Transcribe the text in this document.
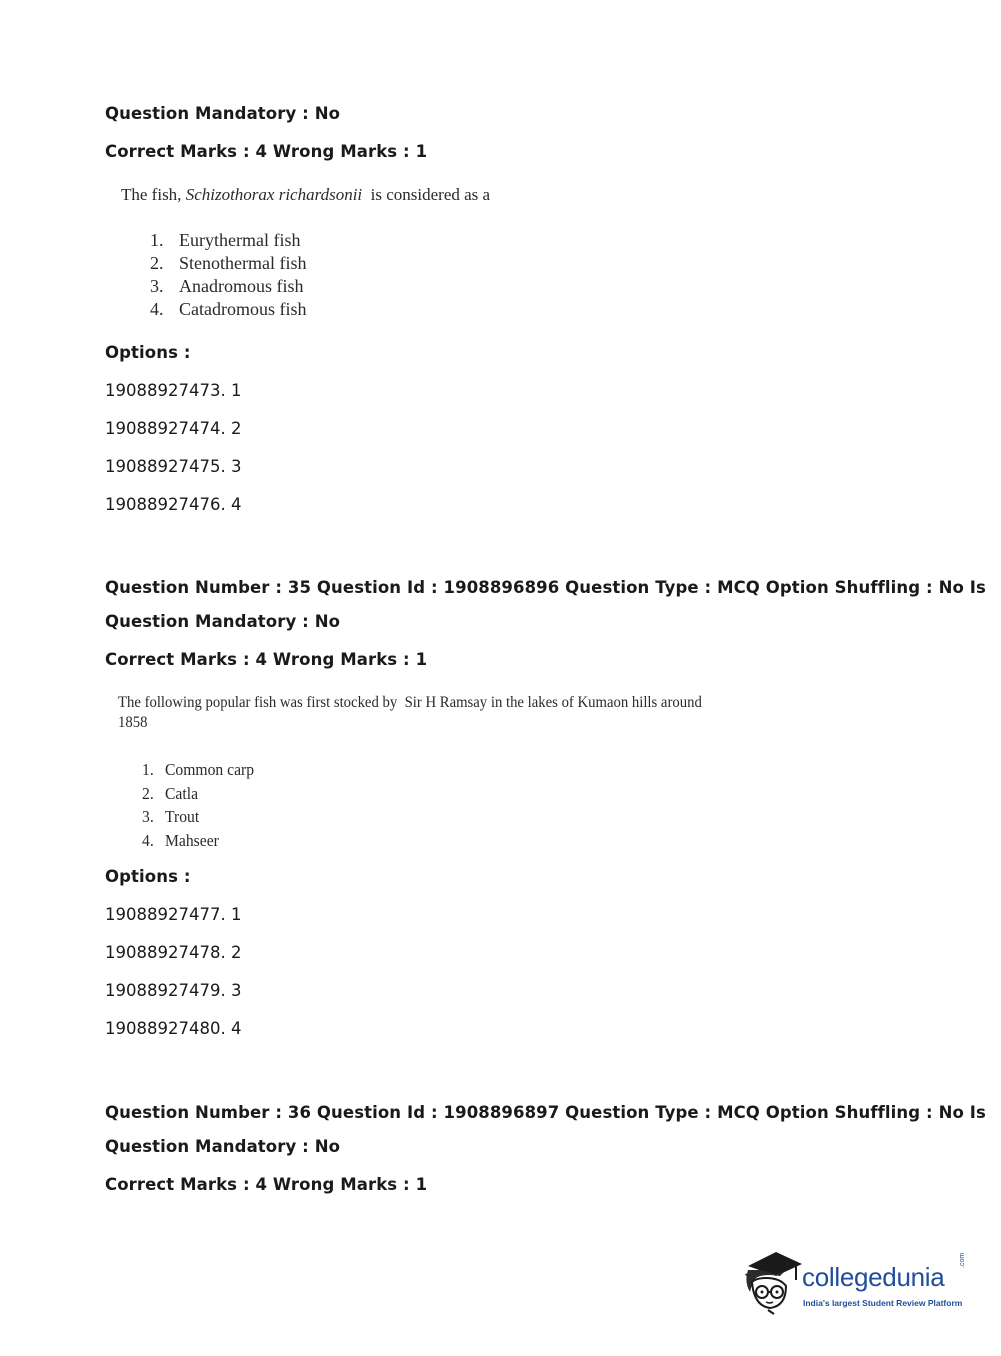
Question Mandatory : No
Correct Marks : 4 Wrong Marks : 1
The fish, Schizothorax richardsonii  is considered as a
1. Eurythermal fish
2. Stenothermal fish
3. Anadromous fish
4. Catadromous fish
Options :
19088927473. 1
19088927474. 2
19088927475. 3
19088927476. 4
Question Number : 35 Question Id : 1908896896 Question Type : MCQ Option Shuffling : No Is
Question Mandatory : No
Correct Marks : 4 Wrong Marks : 1
The following popular fish was first stocked by  Sir H Ramsay in the lakes of Kumaon hills around
1858
1. Common carp
2. Catla
3. Trout
4. Mahseer
Options :
19088927477. 1
19088927478. 2
19088927479. 3
19088927480. 4
Question Number : 36 Question Id : 1908896897 Question Type : MCQ Option Shuffling : No Is
Question Mandatory : No
Correct Marks : 4 Wrong Marks : 1
collegedunia
.com
India's largest Student Review Platform
